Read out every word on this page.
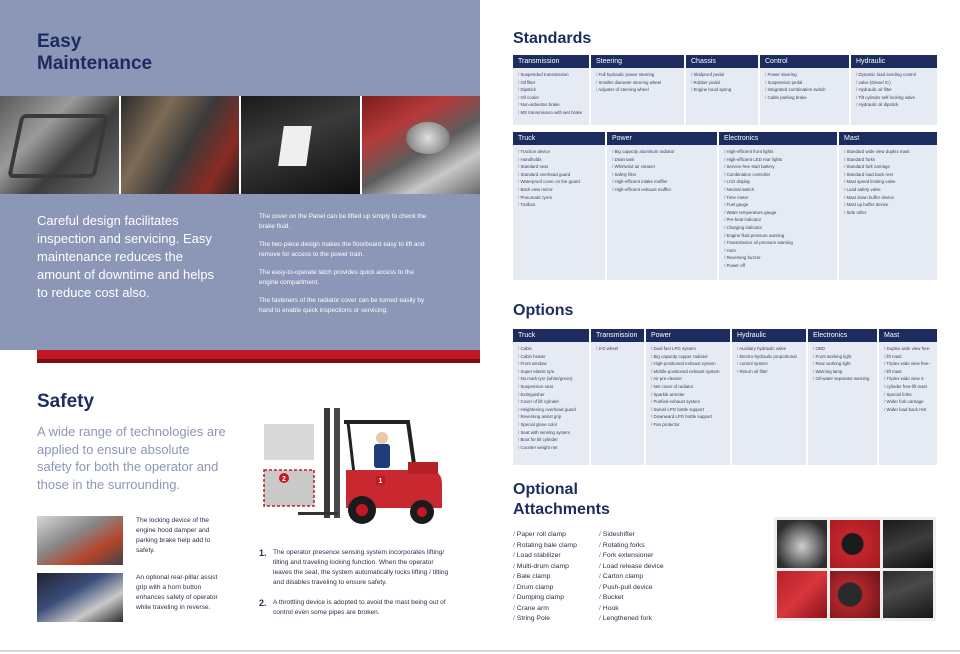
Easy
Maintenance
Careful design facilitates inspection and servicing. Easy maintenance reduces the amount of downtime and helps to reduce cost also.

The cover on the Panel can be lifted up simply to check the brake fluid.

The two-piece design makes the floorboard easy to lift and remove for access to the power train.

The easy-to-operate latch provides quick access to the engine compartment.

The fasteners of the radiator cover can be turned easily by hand to enable quick inspections or servicing.

Safety
A wide range of technologies are applied to ensure absolute safety for both the operator and those in the surrounding.
The locking device of the engine hood damper and parking brake help add to safety.
An optional rear-pillar assist grip with a horn button enhances safety of operator while traveling in reverse.
2	1
1. The operator presence sensing system incorporates lifting/ tilting and traveling locking function. When the operator leaves the seat, the system automatically locks lifting / tilting and disables traveling to ensure safety.
2. A throttling device is adopted to avoid the mast being out of control even some pipes are broken.
Standards
Transmission
/ Suspended transmission
/ Oil filter
/ Dipstick
/ Oil cooler
/ Non-asbestos brake
/ MS transmission with wet brake
Steering
/ Full hydraulic power steering
/ Smaller diameter steering wheel
/ Adjuster of steering wheel
Chassis
/ Skidproof pedal
/ Rubber pedal
/ Engine hood spring
Control
/ Power steering
/ Suspension pedal
/ Integrated combination switch
/ Cable parking brake
Hydraulic
/ Dynamic load sending control
/ valve (Diesel IC)
/ Hydraulic oil filter
/ Tilt cylinder self-locking valve
/ Hydraulic oil dipstick
Truck
/ Traction device
/ Handholds
/ Standard seat
/ Standard overhead guard
/ Waterproof cover on the guard
/ Back view mirror
/ Pneumatic tyres
/ Toolbox
Power
/ Big capacity aluminum radiator
/ Drain tank
/ Whirlwind air cleaner
/ Safety filter
/ High-efficient intake muffler
/ High-efficient exhaust muffler
Electronics
/ High-efficient front lights
/ High-efficient LED rear lights
/ Service-free start battery
/ Combination controller
/ LCD display
/ Neutral switch
/ Time meter
/ Fuel gauge
/ Water temperature gauge
/ Pre-heat indicator
/ Charging indicator
/ Engine fluid pressure warning
/ Transmission oil pressure warning
/ Horn
/ Reversing buzzer
/ Power off
Mast
/ Standard wide view duplex mast
/ Standard forks
/ Standard fork carriage
/ Standard load back rest
/ Mast speed limiting valve
/ Load safety valve
/ Mast down buffer device
/ Mast up buffer device
/ Side roller
Options
Truck
/ Cabin
/ Cabin heater
/ Front window
/ Super elastic tyre
/ No mark tyre (white/green)
/ Suspension seat
/ Extinguisher
/ Cover of lift cylinder
/ Heightening overhead guard
/ Reversing assist grip
/ Special glove color
/ Seat with sensing system
/ Boot for tilt cylinder
/ Counter weight net
Transmission
/ 2-D wheel
Power
/ Dual fuel LPG system
/ Big capacity copper radiator
/ High-positioned exhaust system
/ Middle-positioned exhaust system
/ Air pre-cleaner
/ Net cover of radiator
/ Sparkle arrester
/ Purified exhaust system
/ Swivel LPG bottle support
/ Downward LPG bottle support
/ Fan protector
Hydraulic
/ Auxiliary hydraulic valve
/ Electro-hydraulic proportional
/ control system
/ Return oil filter
Electronics
/ OBD
/ Front working light
/ Rear working light
/ Warning lamp
/ Oil-water separator warning
Mast
/ Duplex wide view free-
/ lift mast
/ Triplex wide view free-
/ lift mast
/ Triplex wide view 4-
/ cylinder free-lift mast
/ Special forks
/ Wider fork carriage
/ Wider load back rest
Optional
Attachments
/ Paper roll clamp
/ Rotating bale clamp
/ Load stabilizer
/ Multi-drum clamp
/ Bale clamp
/ Drum clamp
/ Dumping clamp
/ Crane arm
/ String Pole
/ Sideshifter
/ Rotating forks
/ Fork extensioner
/ Load release device
/ Carton clamp
/ Push-pull device
/ Bucket
/ Hook
/ Lengthened fork
